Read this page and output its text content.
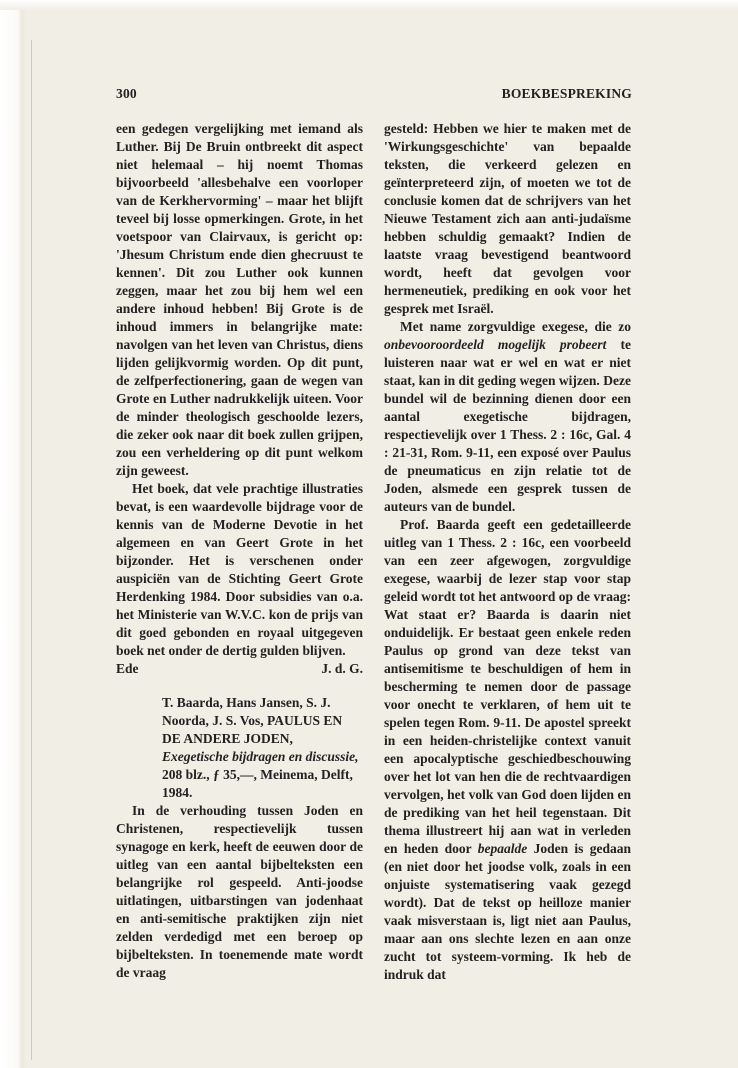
300	BOEKBESPREKING

een gedegen vergelijking met iemand als Luther. Bij De Bruin ontbreekt dit aspect niet helemaal – hij noemt Thomas bijvoorbeeld 'allesbehalve een voorloper van de Kerkhervorming' – maar het blijft teveel bij losse opmerkingen. Grote, in het voetspoor van Clairvaux, is gericht op: 'Jhesum Christum ende dien ghecruust te kennen'. Dit zou Luther ook kunnen zeggen, maar het zou bij hem wel een andere inhoud hebben! Bij Grote is de inhoud immers in belangrijke mate: navolgen van het leven van Christus, diens lijden gelijkvormig worden. Op dit punt, de zelfperfectionering, gaan de wegen van Grote en Luther nadrukkelijk uiteen. Voor de minder theologisch geschoolde lezers, die zeker ook naar dit boek zullen grijpen, zou een verheldering op dit punt welkom zijn geweest.

Het boek, dat vele prachtige illustraties bevat, is een waardevolle bijdrage voor de kennis van de Moderne Devotie in het algemeen en van Geert Grote in het bijzonder. Het is verschenen onder auspiciën van de Stichting Geert Grote Herdenking 1984. Door subsidies van o.a. het Ministerie van W.V.C. kon de prijs van dit goed gebonden en royaal uitgegeven boek net onder de dertig gulden blijven.

Ede	J. d. G.

T. Baarda, Hans Jansen, S. J. Noorda, J. S. Vos, PAULUS EN DE ANDERE JODEN, Exegetische bijdragen en discussie, 208 blz., ƒ 35,—, Meinema, Delft, 1984.

In de verhouding tussen Joden en Christenen, respectievelijk tussen synagoge en kerk, heeft de eeuwen door de uitleg van een aantal bijbelteksten een belangrijke rol gespeeld. Anti-joodse uitlatingen, uitbarstingen van jodenhaat en anti-semitische praktijken zijn niet zelden verdedigd met een beroep op bijbelteksten. In toenemende mate wordt de vraag

gesteld: Hebben we hier te maken met de 'Wirkungsgeschichte' van bepaalde teksten, die verkeerd gelezen en geïnterpreteerd zijn, of moeten we tot de conclusie komen dat de schrijvers van het Nieuwe Testament zich aan anti-judaïsme hebben schuldig gemaakt? Indien de laatste vraag bevestigend beantwoord wordt, heeft dat gevolgen voor hermeneutiek, prediking en ook voor het gesprek met Israël.

Met name zorgvuldige exegese, die zo onbevooroordeeld mogelijk probeert te luisteren naar wat er wel en wat er niet staat, kan in dit geding wegen wijzen. Deze bundel wil de bezinning dienen door een aantal exegetische bijdragen, respectievelijk over 1 Thess. 2 : 16c, Gal. 4 : 21-31, Rom. 9-11, een exposé over Paulus de pneumaticus en zijn relatie tot de Joden, alsmede een gesprek tussen de auteurs van de bundel.

Prof. Baarda geeft een gedetailleerde uitleg van 1 Thess. 2 : 16c, een voorbeeld van een zeer afgewogen, zorgvuldige exegese, waarbij de lezer stap voor stap geleid wordt tot het antwoord op de vraag: Wat staat er? Baarda is daarin niet onduidelijk. Er bestaat geen enkele reden Paulus op grond van deze tekst van antisemitisme te beschuldigen of hem in bescherming te nemen door de passage voor onecht te verklaren, of hem uit te spelen tegen Rom. 9-11. De apostel spreekt in een heiden-christelijke context vanuit een apocalyptische geschiedbeschouwing over het lot van hen die de rechtvaardigen vervolgen, het volk van God doen lijden en de prediking van het heil tegenstaan. Dit thema illustreert hij aan wat in verleden en heden door bepaalde Joden is gedaan (en niet door het joodse volk, zoals in een onjuiste systematisering vaak gezegd wordt). Dat de tekst op heilloze manier vaak misverstaan is, ligt niet aan Paulus, maar aan ons slechte lezen en aan onze zucht tot systeem-vorming. Ik heb de indruk dat
